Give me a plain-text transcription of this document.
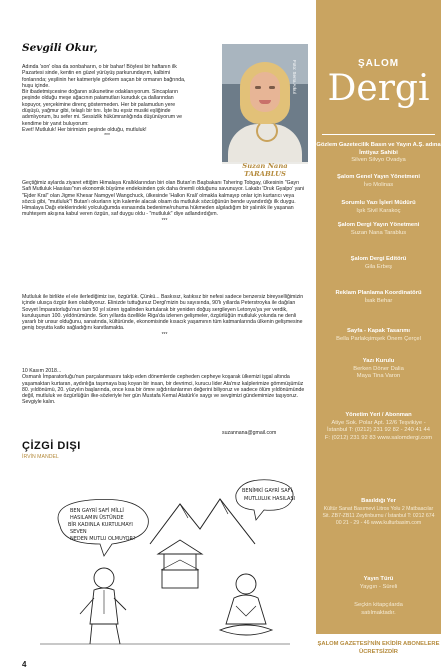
Sevgili Okur,

Adında 'son' olsa da sonbaharın, o bir bahar! Böylesi bir haftanın ilk Pazartesi sinde, kentin en güzel yürüyüş parkurundayım, kalbimi fonlarında; yeşilinin her katmeriyle görkem saçan bir ormanın bağrında, huşu içinde.

Bir ibadetmişcesine doğanın sükunetine odaklanıyorum. Sincapların peşinde olduğu meşe ağacının palamutları kuruduk ça dallarından kopuyor, yerçekimine direnç göstermeden. Her bir palamudun yere düşüşü, yağmur gibi, telaşlı bir tını. İşte bu eşsiz musiki eşliğinde adımlıyorum, bu sefer mi. Sessizlik hükümranlığında düşünüyorum ve kendime bir yanıt buluyorum:

Evet! Mutluluk! Her birimizin peşinde olduğu, mutluluk!

***
Foto: Serra Arkul
Suzan Nana TARABLUS

Geçtiğimiz aylarda ziyaret ettiğim Himalaya Krallıklarından biri olan Butan'ın Başbakanı Tshering Tobgay, ülkesinin "Gayrı Safi Mutluluk Hasılası"nın ekonomik büyüme endeksinden çok daha önemli olduğunu savunuyor. Lakabı 'Druk Gyalpo' yani "Ejder Kral" olan Jigme Khesar Namgyel Wangchuck, ülkesinde 'Halkın Krali' olmakla kalmayıp onlar için kurtarıcı veya sözcü gibi, "mutluluk"! Butan'ı okurların için kalemle alacak olsam da mutluluk sözcüğünün bende uyandırdığı ilk duygu. Himalaya Dağı eteklerindeki yolculuğumda esnasında bedenime/ruhuma hükmeden algıladığım bir yalınlık ile yaşanan muhteşem akışına kabul veren özgün, saf duygu oldu - "mutluluk" diye adlandırdığım.

***

Mutluluk ile birlikte el ele ilerlediğimiz ise, özgürlük. Çünkü... Baskısız, katıksız bir nefesi sadece benzersiz bireyselliğimizin içinde ulusça özgür iken olabiliyoruz. Elinizde tuttuğunuz Dergi'mizin bu sayısında, 90'lı yıllarda Peterstroyka ile dağılan Sovyet İmparatorluğu'nun tam 50 yıl süren işgalinden kurtularak bir yeniden doğuş sergileyen Letonya'ya yer verdik, kuruluşunun 100. yıldönümünde. Son yıllarda özellikle Riga'da izlenen gelişmeler, özgürlüğün mutluluk yolunda ne denli yararlı bir unsur olduğunu, sanatında, kültüründe, ekonomisinde kısacık yaşamının tüm katmanlarında ülkenin gelişmesine geniş boyutta katkı sağladığını kanıtlamakta.

***

10 Kasım 2018...

Osmanlı İmparatorluğu'nun parçalanmasını takip eden dönemlerde cepheden cepheye koşarak ülkemizi işgal altında yaşamaktan kurtaran, aydınlığa taşımaya baş koyan bir insan, bir devrimci, kurucu lider Ata'mız kalplerimize gömmüşümüz 80. yıldönümü, 20. yüzyılın başlarında, once kısa bir ömre sığdırılanlarının değerini biliyoruz ve sadece ölüm yıldönümünde değil, mutluluk ve özgürlüğün ilke-sözleriyle her gün Mustafa Kemal Atatürk'e saygı ve sevgimizi gündemimize taşıyoruz.

Sevgiyle kalın.

suzannana@gmail.com
ÇİZGİ DIŞI
İRVİN MANDEL
BEN GAYRİ SAFİ MİLLİ
HASILAMIN ÜSTÜNDE
BİR KADINLA KURTULMAYI
SEVEN
NEDEN MUTLU OLMUYOR?
BENİMKİ GAYRİ SAFİ
MUTLULUK HASILASI
4
ŞALOM
Dergi
Gözlem Gazetecilik Basın ve Yayın A.Ş. adına İmtiyaz Sahibi
Silven Silvyo Ovadya
Şalom Genel Yayın Yönetmeni
İvo Molinas
Sorumlu Yazı İşleri Müdürü
Işık Sivil Karakoç
Şalom Dergi Yayın Yönetmeni
Suzan Nana Tarablus
Şalom Dergi Editörü
Gila Erbeş
Reklam Planlama Koordinatörü
İsak Behar
Sayfa - Kapak Tasarımı
Bella Parlakşimşek Önem Çerçel
Yazı Kurulu
Berken Döner Dalia Maya Tina Varon
Yönetim Yeri / Abonman
Atiye Sok. Polar Apt. 12/6 Teşvikiye - İstanbul T: (0212) 231 92 82 - 240 41 44 F: (0212) 231 92 83 www.salomdergi.com
Basıldığı Yer
Kültür Sanat Basımevi Litros Yolu 2 Matbaacılar Sit. ZB7-ZB11 Zeytinburnu / İstanbul T: 0212 674 00 21 - 29 - 46 www.kulturbasim.com
Yayın Türü
Yaygın - Süreli
Seçkin kitapçılarda satılmaktadır.
ŞALOM GAZETESİ'NİN EKİDİR ABONELERE ÜCRETSİZDİR
